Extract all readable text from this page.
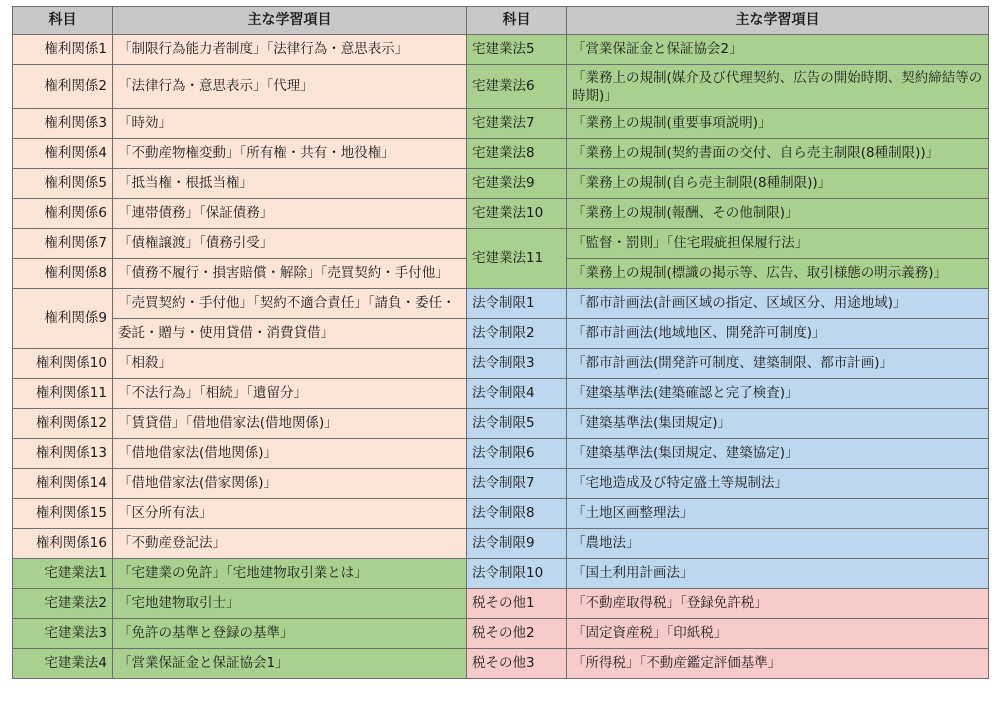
科目	主な学習項目	科目	主な学習項目
権利関係1	「制限行為能力者制度」「法律行為・意思表示」	宅建業法5	「営業保証金と保証協会2」
権利関係2	「法律行為・意思表示」「代理」	宅建業法6	「業務上の規制(媒介及び代理契約、広告の開始時期、契約締結等の時期)」
権利関係3	「時効」	宅建業法7	「業務上の規制(重要事項説明)」
権利関係4	「不動産物権変動」「所有権・共有・地役権」	宅建業法8	「業務上の規制(契約書面の交付、自ら売主制限(8種制限))」
権利関係5	「抵当権・根抵当権」	宅建業法9	「業務上の規制(自ら売主制限(8種制限))」
権利関係6	「連帯債務」「保証債務」	宅建業法10	「業務上の規制(報酬、その他制限)」
権利関係7	「債権譲渡」「債務引受」	宅建業法11	「監督・罰則」「住宅瑕疵担保履行法」
権利関係8	「債務不履行・損害賠償・解除」「売買契約・手付他」		「業務上の規制(標識の掲示等、広告、取引様態の明示義務)」
権利関係9	「売買契約・手付他」「契約不適合責任」「請負・委任・	法令制限1	「都市計画法(計画区域の指定、区域区分、用途地域)」
	委託・贈与・使用貸借・消費貸借」	法令制限2	「都市計画法(地域地区、開発許可制度)」
権利関係10	「相殺」	法令制限3	「都市計画法(開発許可制度、建築制限、都市計画)」
権利関係11	「不法行為」「相続」「遺留分」	法令制限4	「建築基準法(建築確認と完了検査)」
権利関係12	「賃貸借」「借地借家法(借地関係)」	法令制限5	「建築基準法(集団規定)」
権利関係13	「借地借家法(借地関係)」	法令制限6	「建築基準法(集団規定、建築協定)」
権利関係14	「借地借家法(借家関係)」	法令制限7	「宅地造成及び特定盛土等規制法」
権利関係15	「区分所有法」	法令制限8	「土地区画整理法」
権利関係16	「不動産登記法」	法令制限9	「農地法」
宅建業法1	「宅建業の免許」「宅地建物取引業とは」	法令制限10	「国土利用計画法」
宅建業法2	「宅地建物取引士」	税その他1	「不動産取得税」「登録免許税」
宅建業法3	「免許の基準と登録の基準」	税その他2	「固定資産税」「印紙税」
宅建業法4	「営業保証金と保証協会1」	税その他3	「所得税」「不動産鑑定評価基準」
